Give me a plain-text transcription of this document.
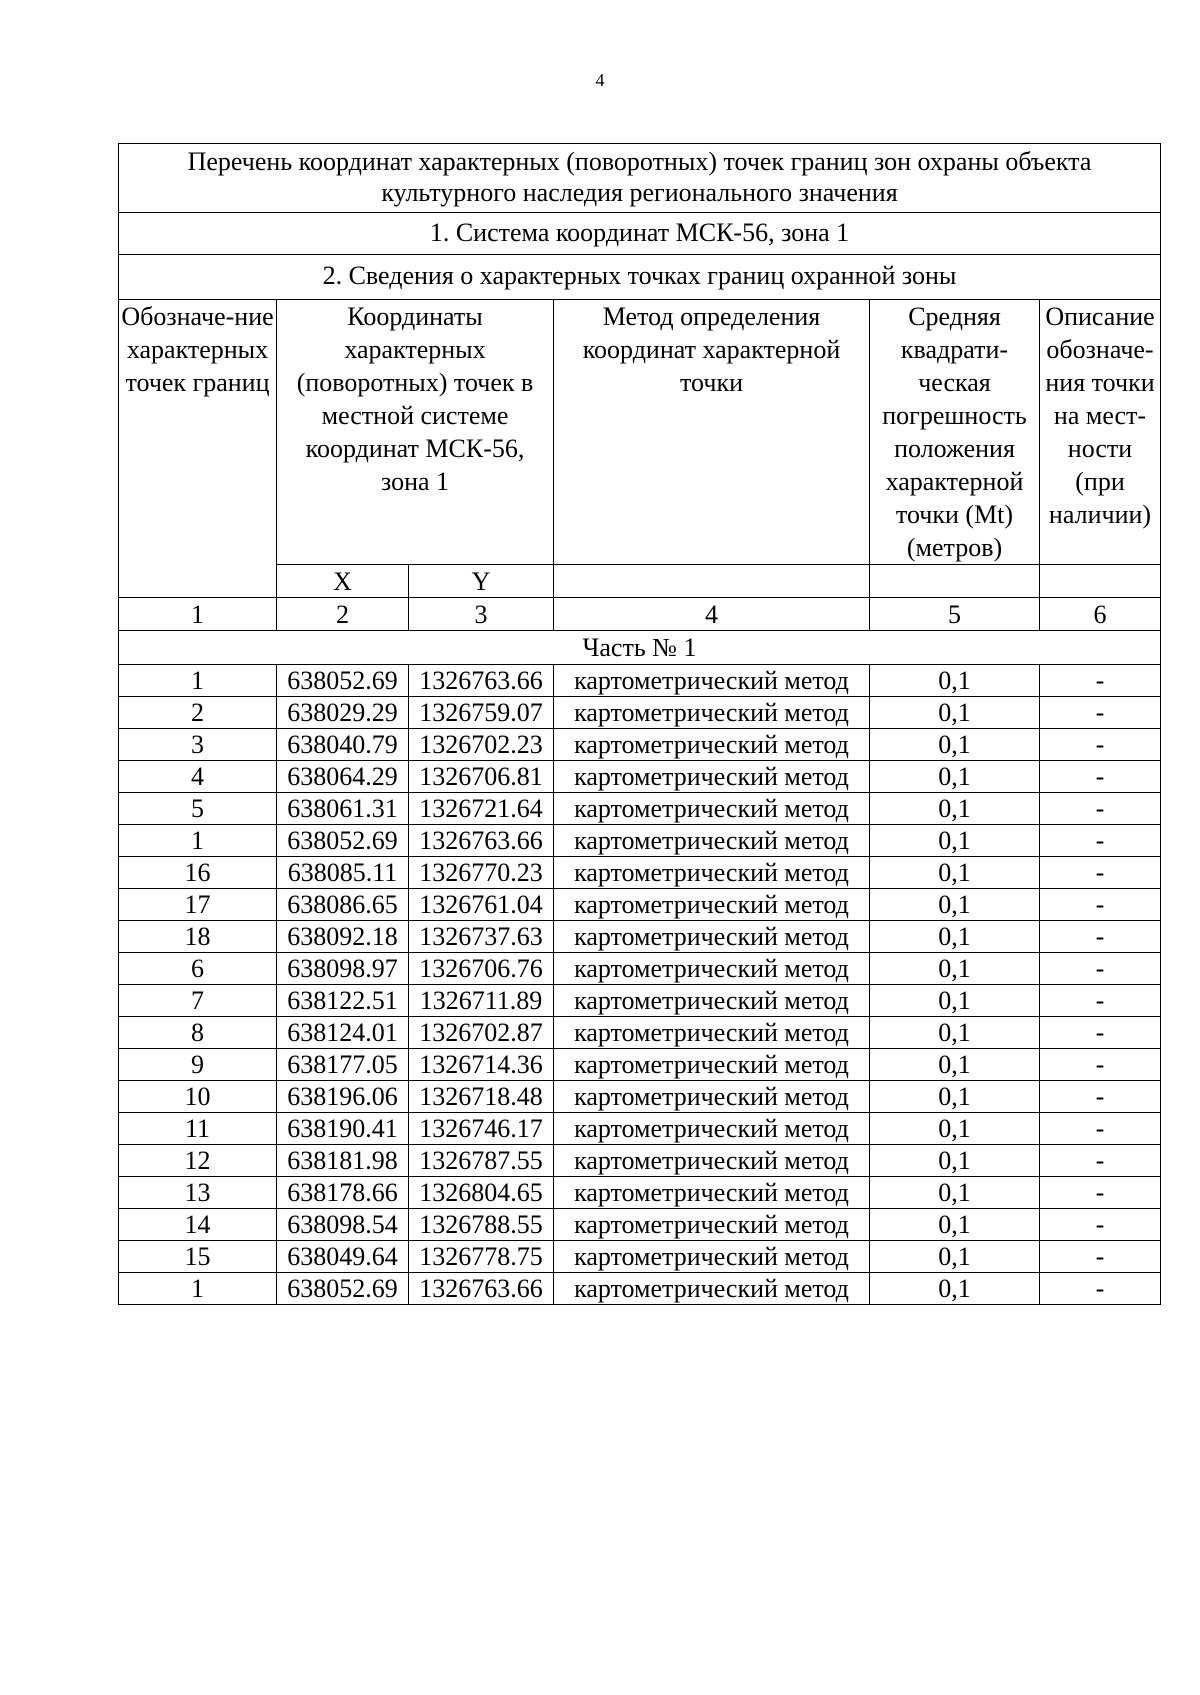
4
Перечень координат характерных (поворотных) точек границ зон охраны объекта культурного наследия регионального значения					
1. Система координат МСК-56, зона 1					
2. Сведения о характерных точках границ охранной зоны					
Обозначе-ние характерных точек границ	Координаты характерных (поворотных) точек в местной системе координат МСК-56, зона 1		Метод определения координат характерной точки	Средняя квадрати-ческая погрешность положения характерной точки (Mt) (метров)	Описание обозначе-ния точки на мест-ности (при наличии)
	X	Y			
1	2	3	4	5	6
Часть № 1					
1	638052.69	1326763.66	картометрический метод	0,1	-
2	638029.29	1326759.07	картометрический метод	0,1	-
3	638040.79	1326702.23	картометрический метод	0,1	-
4	638064.29	1326706.81	картометрический метод	0,1	-
5	638061.31	1326721.64	картометрический метод	0,1	-
1	638052.69	1326763.66	картометрический метод	0,1	-
16	638085.11	1326770.23	картометрический метод	0,1	-
17	638086.65	1326761.04	картометрический метод	0,1	-
18	638092.18	1326737.63	картометрический метод	0,1	-
6	638098.97	1326706.76	картометрический метод	0,1	-
7	638122.51	1326711.89	картометрический метод	0,1	-
8	638124.01	1326702.87	картометрический метод	0,1	-
9	638177.05	1326714.36	картометрический метод	0,1	-
10	638196.06	1326718.48	картометрический метод	0,1	-
11	638190.41	1326746.17	картометрический метод	0,1	-
12	638181.98	1326787.55	картометрический метод	0,1	-
13	638178.66	1326804.65	картометрический метод	0,1	-
14	638098.54	1326788.55	картометрический метод	0,1	-
15	638049.64	1326778.75	картометрический метод	0,1	-
1	638052.69	1326763.66	картометрический метод	0,1	-
